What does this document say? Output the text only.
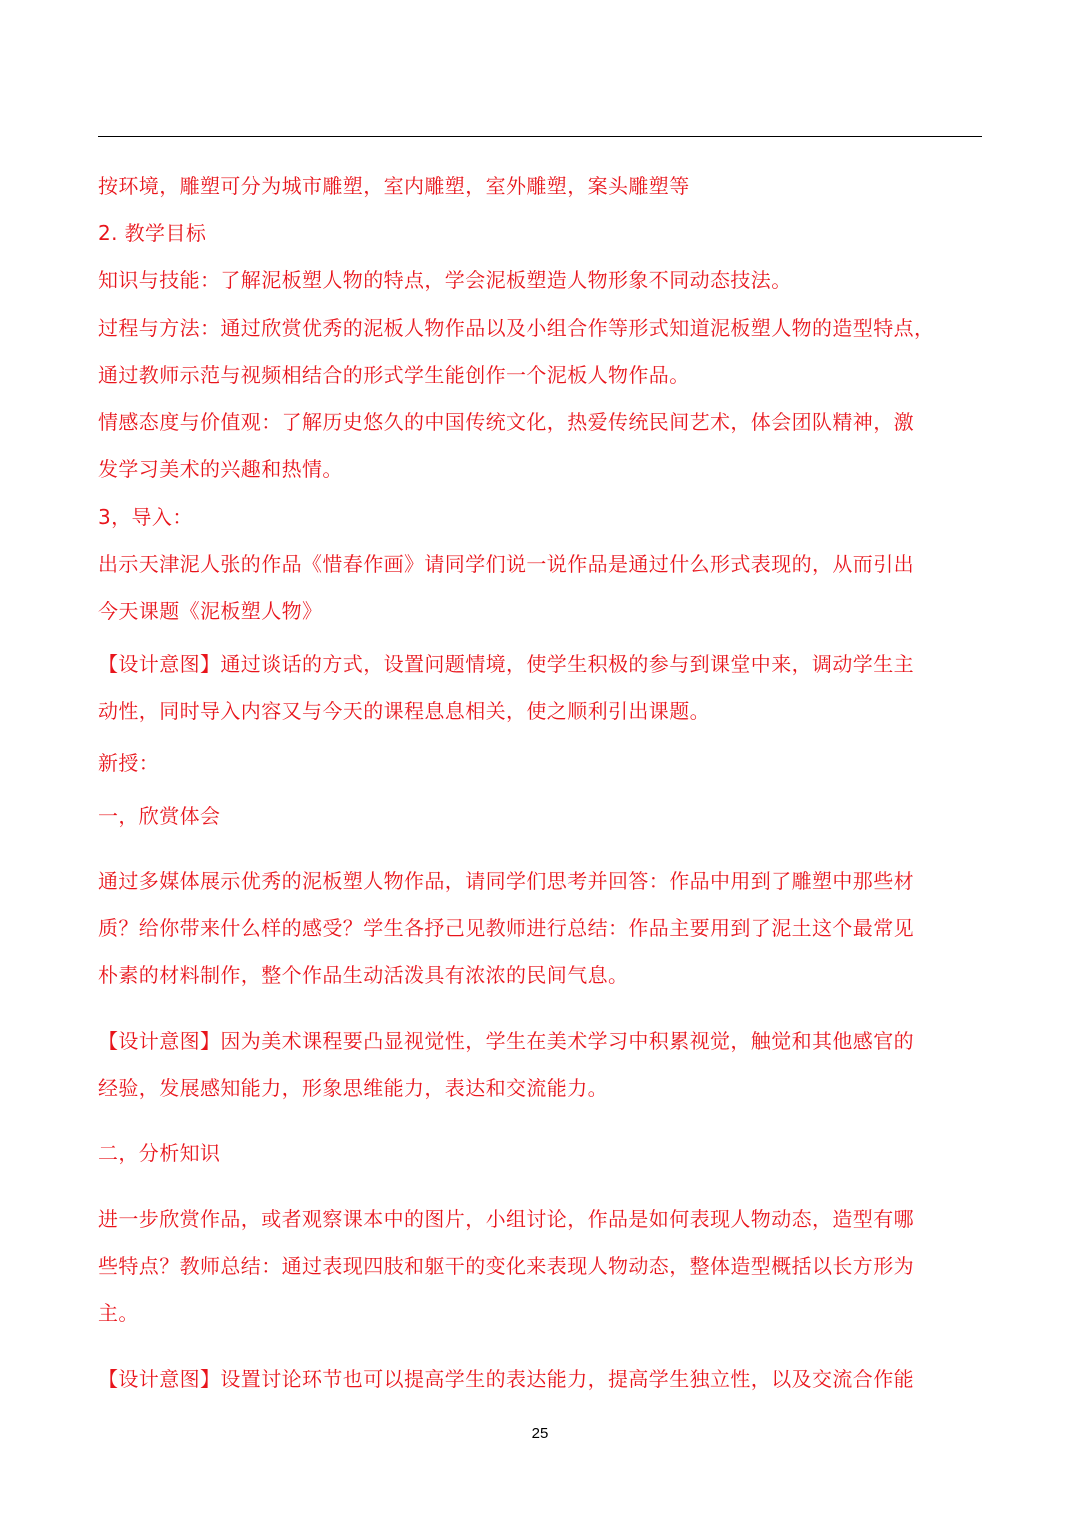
按环境，雕塑可分为城市雕塑，室内雕塑，室外雕塑，案头雕塑等
2. 教学目标
知识与技能：了解泥板塑人物的特点，学会泥板塑造人物形象不同动态技法。
过程与方法：通过欣赏优秀的泥板人物作品以及小组合作等形式知道泥板塑人物的造型特点，
通过教师示范与视频相结合的形式学生能创作一个泥板人物作品。
情感态度与价值观：了解历史悠久的中国传统文化，热爱传统民间艺术，体会团队精神，激
发学习美术的兴趣和热情。
3，导入：
出示天津泥人张的作品《惜春作画》请同学们说一说作品是通过什么形式表现的，从而引出
今天课题《泥板塑人物》
【设计意图】通过谈话的方式，设置问题情境，使学生积极的参与到课堂中来，调动学生主
动性，同时导入内容又与今天的课程息息相关，使之顺利引出课题。
新授：
一，欣赏体会
通过多媒体展示优秀的泥板塑人物作品，请同学们思考并回答：作品中用到了雕塑中那些材
质？给你带来什么样的感受？学生各抒己见教师进行总结：作品主要用到了泥土这个最常见
朴素的材料制作，整个作品生动活泼具有浓浓的民间气息。
【设计意图】因为美术课程要凸显视觉性，学生在美术学习中积累视觉，触觉和其他感官的
经验，发展感知能力，形象思维能力，表达和交流能力。
二，分析知识
进一步欣赏作品，或者观察课本中的图片，小组讨论，作品是如何表现人物动态，造型有哪
些特点？教师总结：通过表现四肢和躯干的变化来表现人物动态，整体造型概括以长方形为
主。
【设计意图】设置讨论环节也可以提高学生的表达能力，提高学生独立性，以及交流合作能
25
